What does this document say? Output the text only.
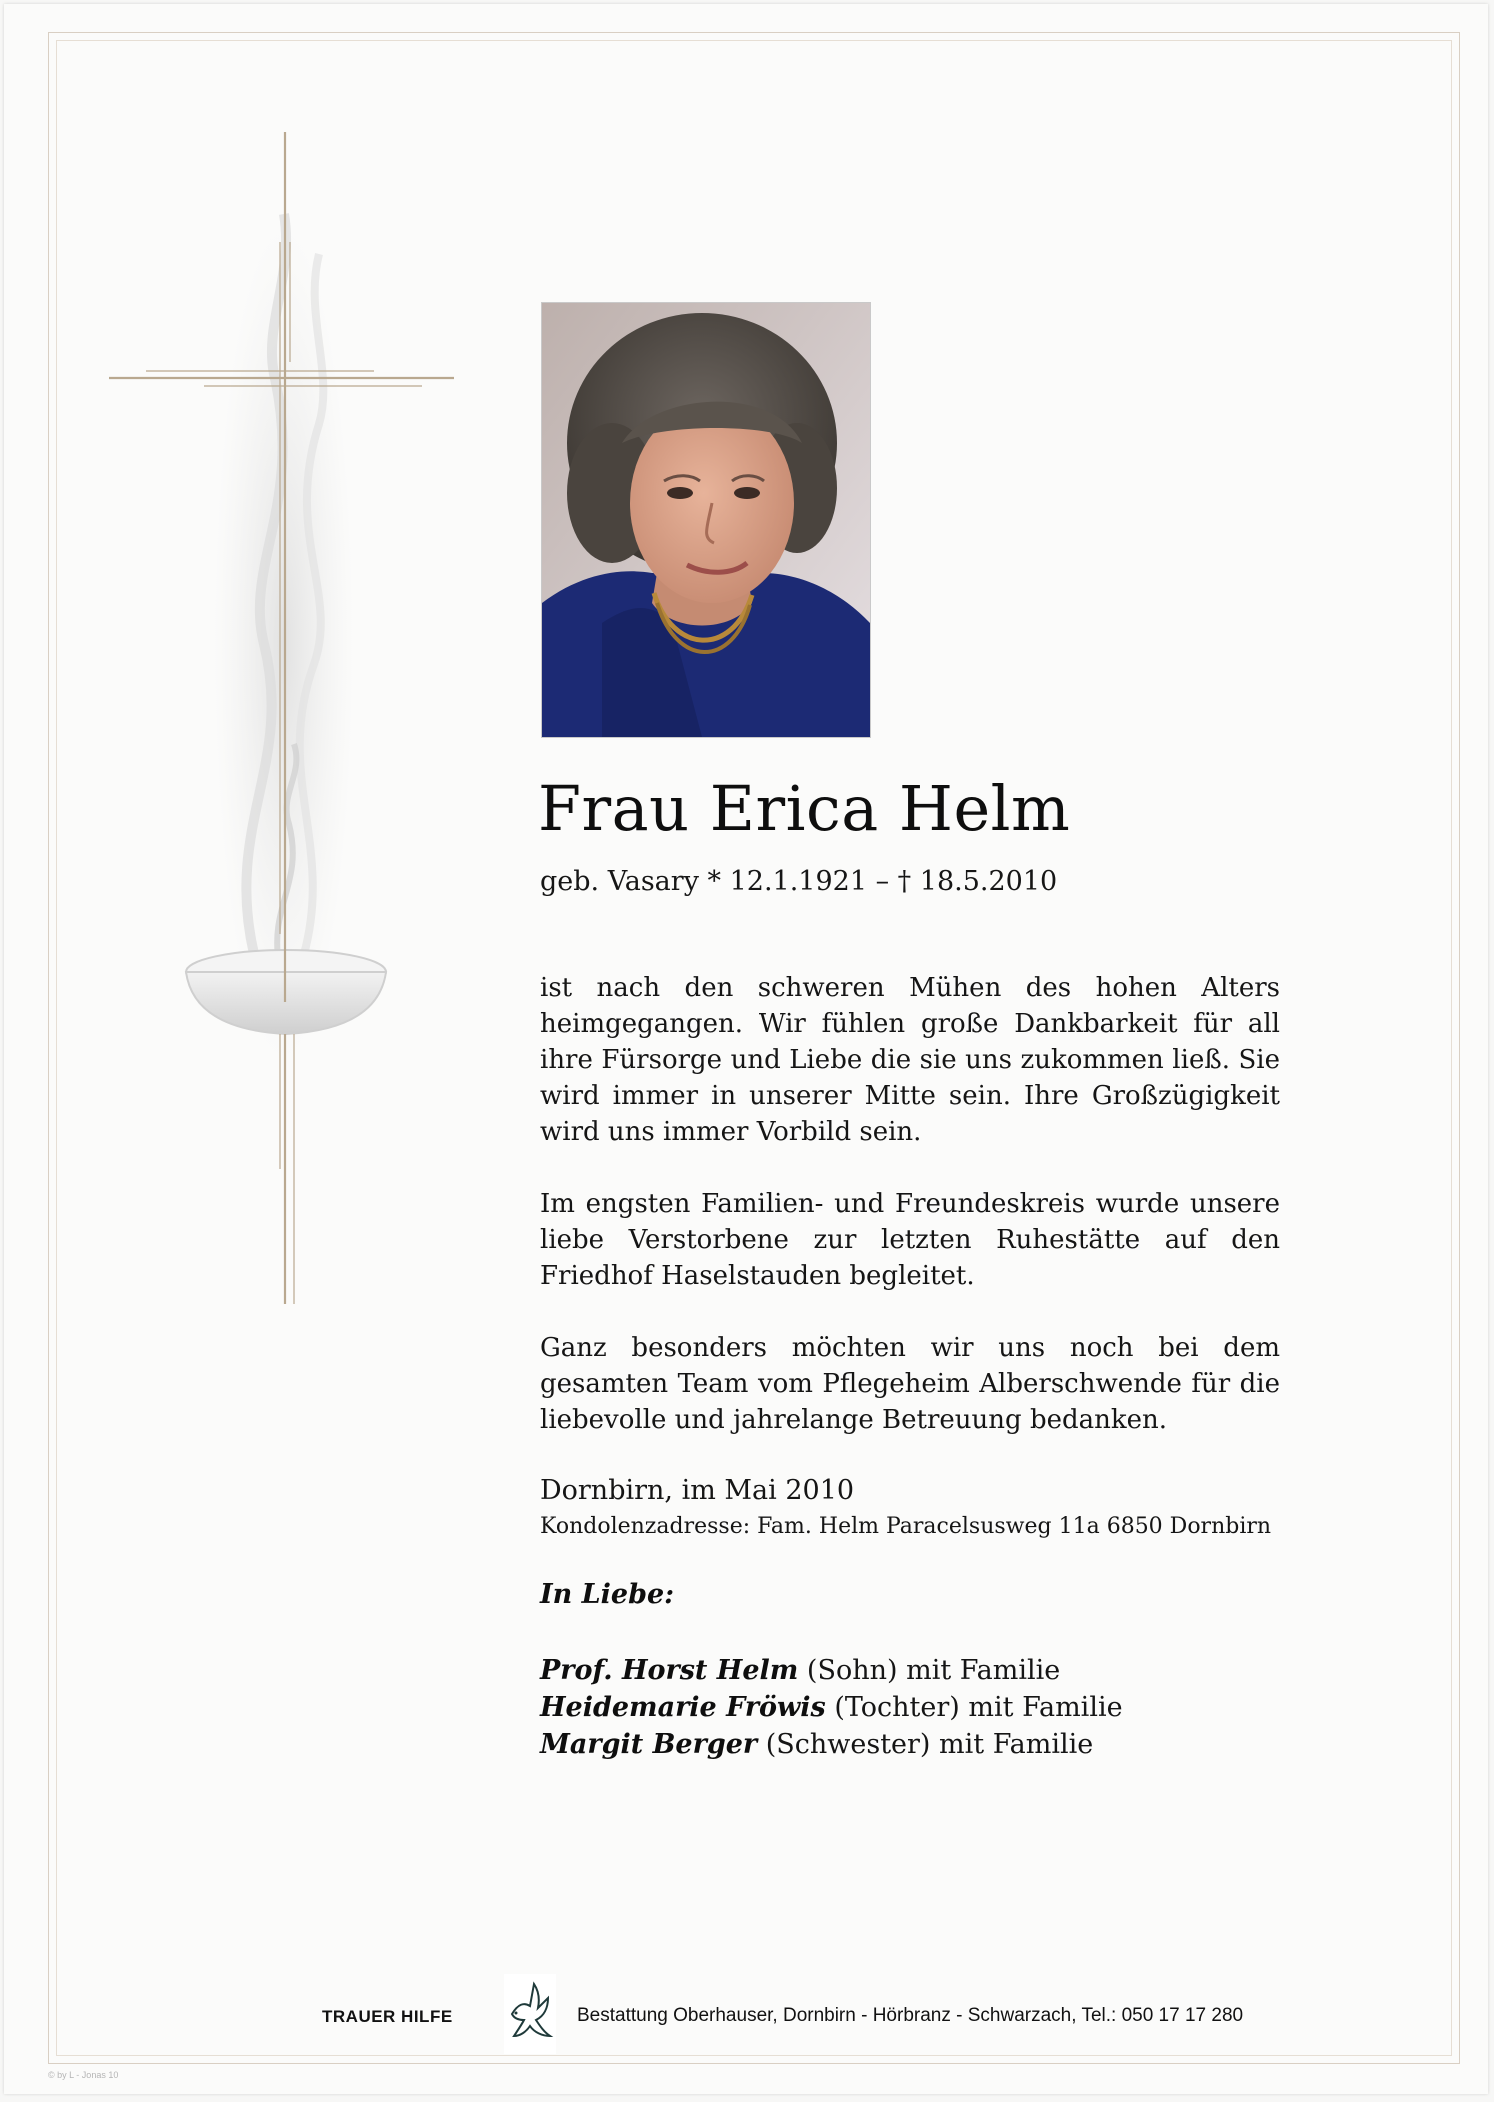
Frau Erica Helm
geb. Vasary * 12.1.1921 – † 18.5.2010

ist nach den schweren Mühen des hohen Alters heimgegangen. Wir fühlen große Dankbarkeit für all ihre Fürsorge und Liebe die sie uns zukommen ließ. Sie wird immer in unserer Mitte sein. Ihre Großzügigkeit wird uns immer Vorbild sein.

Im engsten Familien- und Freundeskreis wurde unsere liebe Verstorbene zur letzten Ruhestätte auf den Friedhof Haselstauden begleitet.

Ganz besonders möchten wir uns noch bei dem gesamten Team vom Pflegeheim Alberschwende für die liebevolle und jahrelange Betreuung bedanken.

Dornbirn, im Mai 2010
Kondolenzadresse: Fam. Helm Paracelsusweg 11a 6850 Dornbirn
In Liebe:
Prof. Horst Helm (Sohn) mit Familie
Heidemarie Fröwis (Tochter) mit Familie
Margit Berger (Schwester) mit Familie
TRAUER HILFE	Bestattung Oberhauser, Dornbirn - Hörbranz - Schwarzach, Tel.: 050 17 17 280
© by L - Jonas 10
